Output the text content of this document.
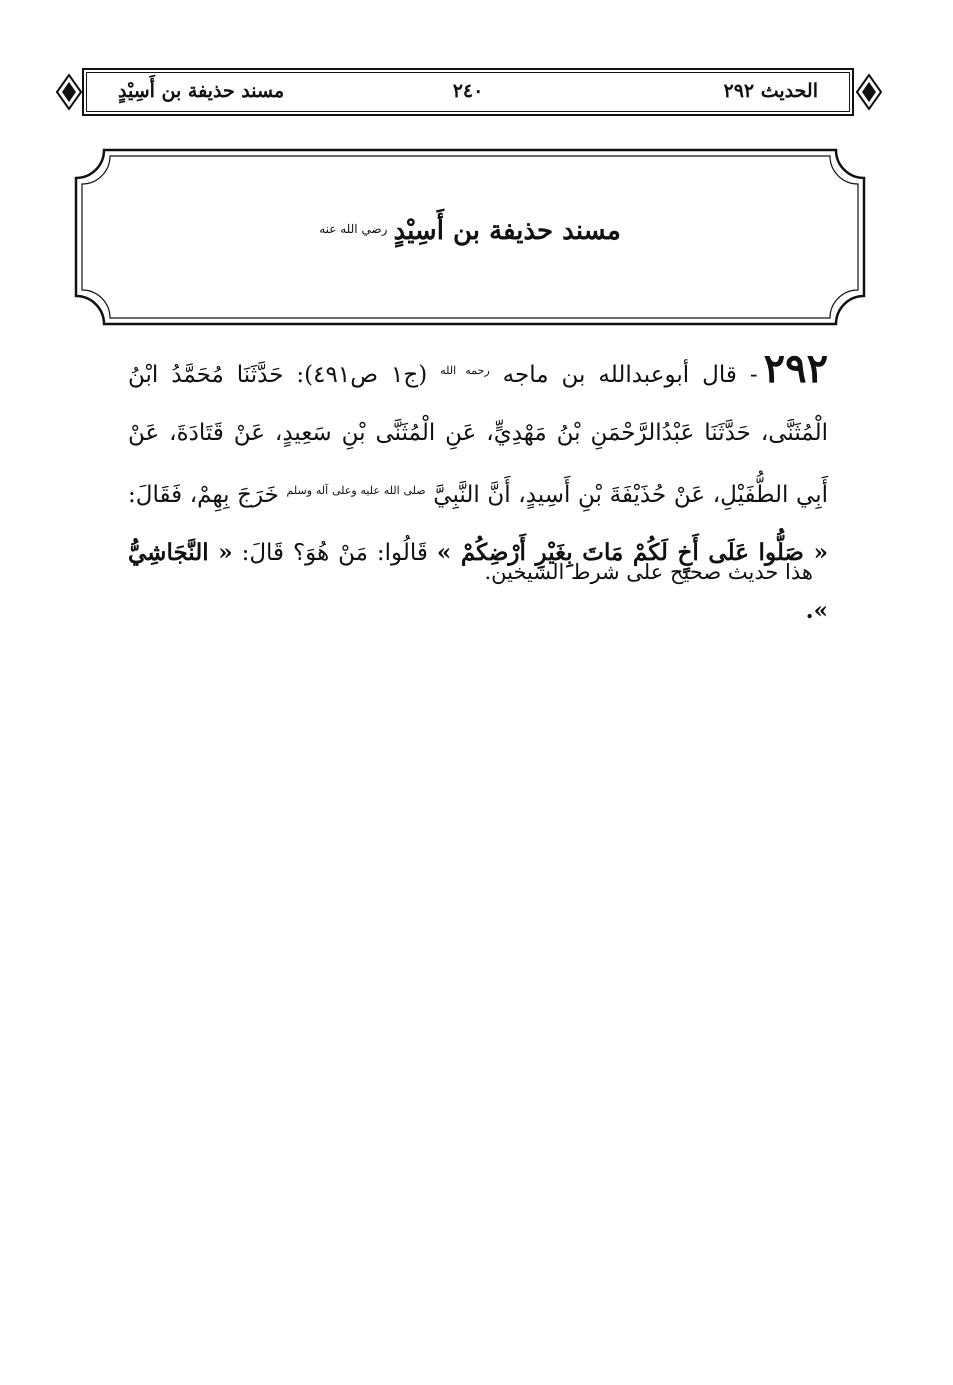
الحديث ٢٩٢
٢٤٠
مسند حذيفة بن أَسِيْدٍ
مسند حذيفة بن أَسِيْدٍ$^{رضي الله عنه}$
٢٩٢- قال أبوعبدالله بن ماجه $^{رحمه الله}$ (ج١ ص٤٩١): حَدَّثَنَا مُحَمَّدُ ابْنُ الْمُثَنَّى، حَدَّثَنَا عَبْدُالرَّحْمَنِ بْنُ مَهْدِيٍّ، عَنِ الْمُثَنَّى بْنِ سَعِيدٍ، عَنْ قَتَادَةَ، عَنْ أَبِي الطُّفَيْلِ، عَنْ حُذَيْفَةَ بْنِ أَسِيدٍ، أَنَّ النَّبِيَّ $^{صلى الله عليه وعلى آله وسلم}$ خَرَجَ بِهِمْ، فَقَالَ: « صَلُّوا عَلَى أَخٍ لَكُمْ مَاتَ بِغَيْرِ أَرْضِكُمْ » قَالُوا: مَنْ هُوَ؟ قَالَ: « النَّجَاشِيُّ ».
هذا حديث صحيح على شرط الشيخين.
